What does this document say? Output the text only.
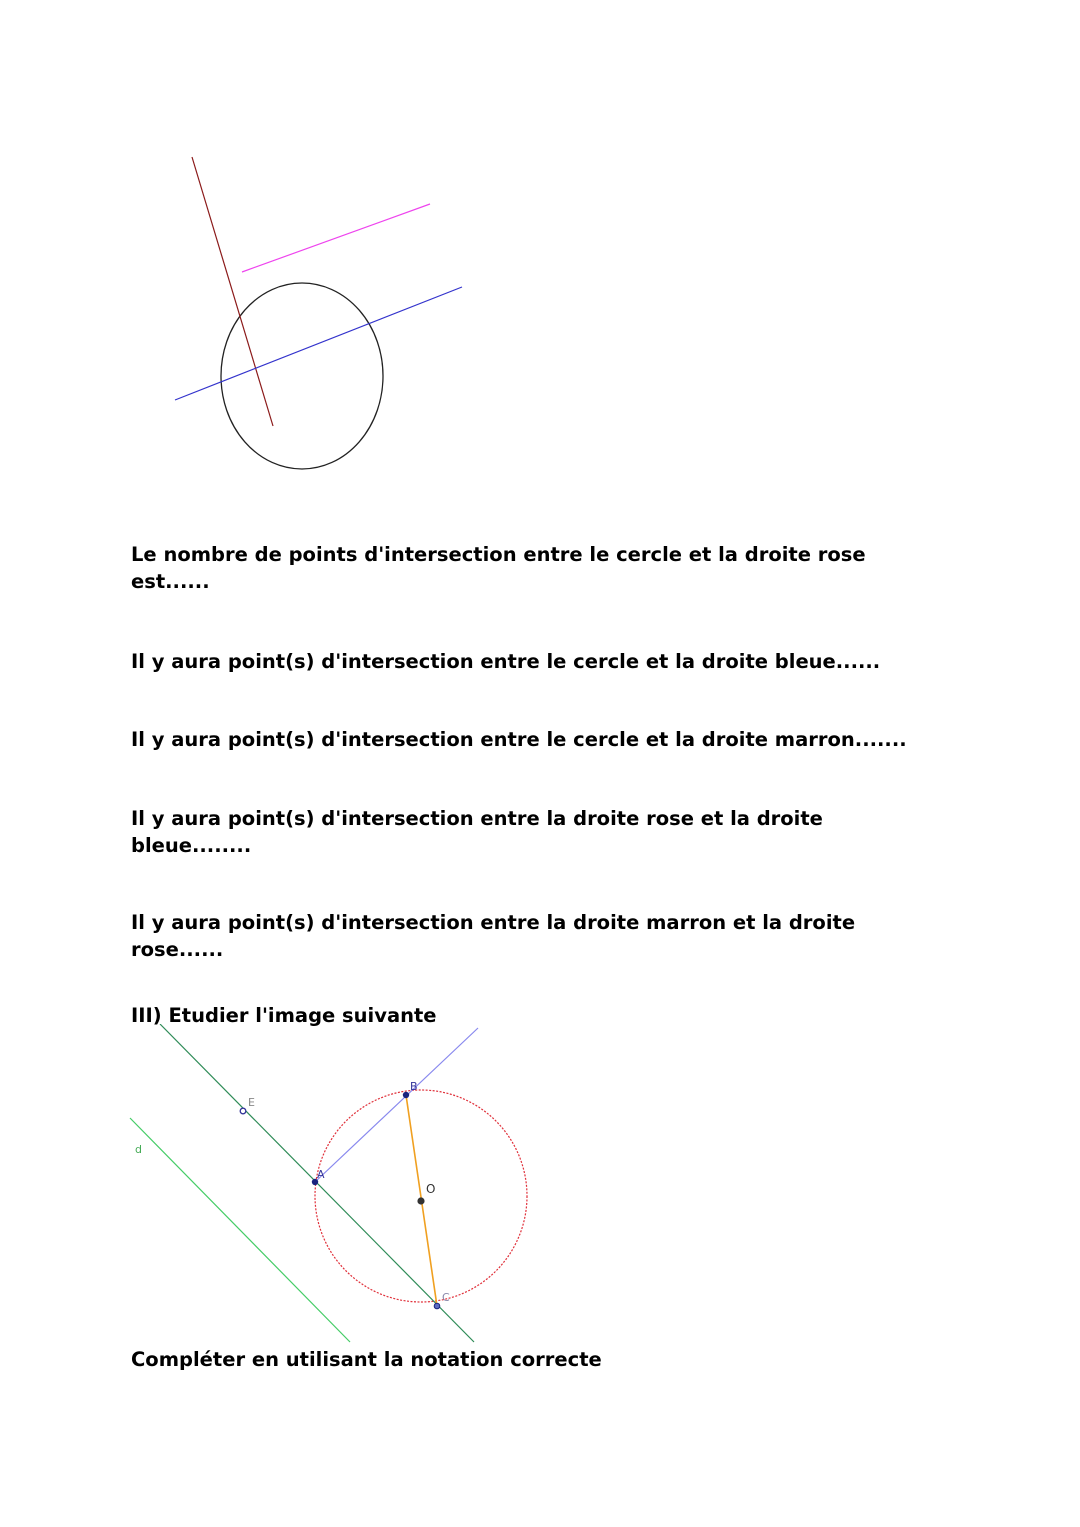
Le nombre de points d'intersection entre le cercle et la droite rose est......

Il y aura point(s) d'intersection entre le cercle et la droite bleue......

Il y aura point(s) d'intersection entre le cercle et la droite marron.......

Il y aura point(s) d'intersection entre la droite rose et la droite bleue........

Il y aura point(s) d'intersection entre la droite marron et la droite rose......

III) Etudier l'image suivante

E
A
B
O
C
d

Compléter en utilisant la notation correcte
